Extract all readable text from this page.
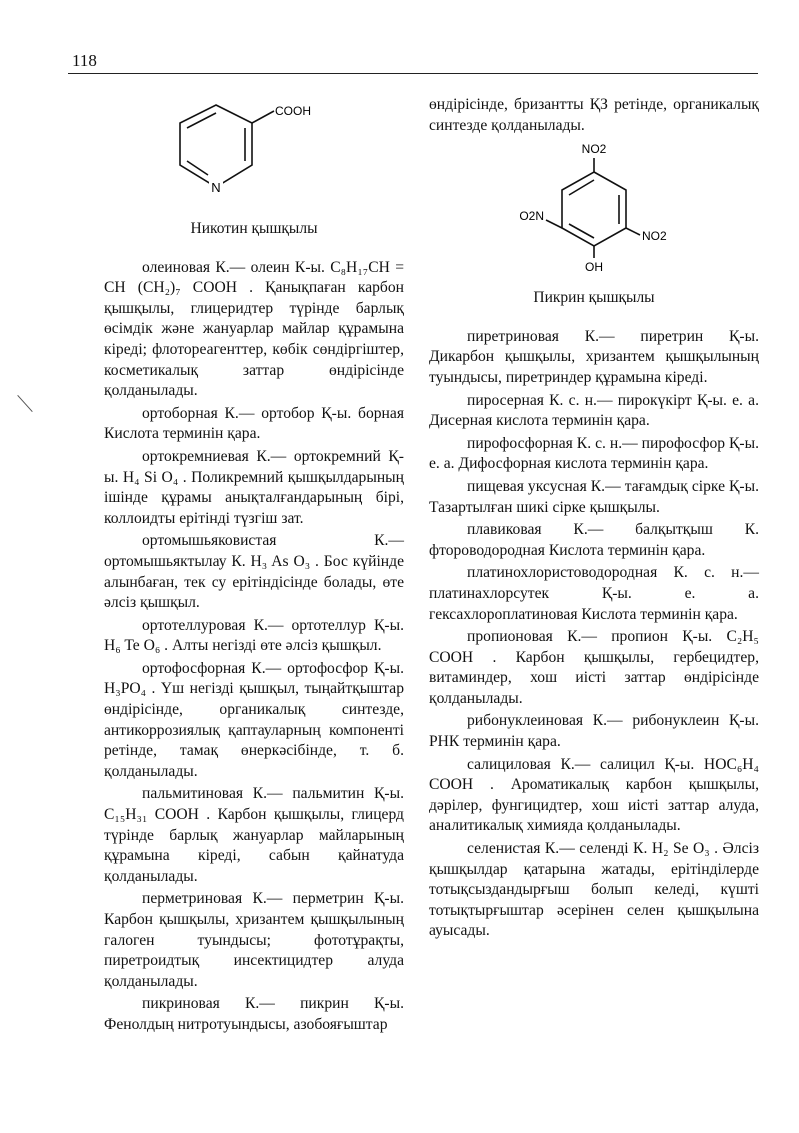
118
N
COOH
Никотин қышқылы

олеиновая К.— олеин К-ы. C₈H₁₇CH = CH (CH₂)₇ COOH . Қанықпаған карбон қышқылы, глицеридтер түрінде барлық өсімдік және жануарлар майлар құрамына кіреді; флотореагенттер, көбік сөндіргіштер, косметикалық заттар өндірісінде қолданылады.

ортоборная К.— ортобор Қ-ы. борная Кислота терминін қара.

ортокремниевая К.— ортокремний Қ-ы. H₄ Si O₄ . Поликремний қышқылдарының ішінде құрамы анықталғандарының бірі, коллоидты ерітінді түзгіш зат.

ортомышьяковистая К.— ортомышьяктылау К. H₃ As O₃ . Бос күйінде алынбаған, тек су ерітіндісінде болады, өте әлсіз қышқыл.

ортотеллуровая К.— ортотеллур Қ-ы. H₆ Te O₆ . Алты негізді өте әлсіз қышқыл.

ортофосфорная К.— ортофосфор Қ-ы. H₃PO₄ . Үш негізді қышқыл, тыңайтқыштар өндірісінде, органикалық синтезде, антикоррозиялық қаптауларның компоненті ретінде, тамақ өнеркәсібінде, т. б. қолданылады.

пальмитиновая К.— пальмитин Қ-ы. C₁₅H₃₁ COOH . Карбон қышқылы, глицерд түрінде барлық жануарлар майларының құрамына кіреді, сабын қайнатуда қолданылады.

перметриновая К.— перметрин Қ-ы. Карбон қышқылы, хризантем қышқылының галоген туындысы; фототұрақты, пиретроидтық инсектицидтер алуда қолданылады.

пикриновая К.— пикрин Қ-ы. Фенолдың нитротуындысы, азобояғыштар

өндірісінде, бризантты ҚЗ ретінде, органикалық синтезде қолданылады.

NO2
O2N
NO2
OH
Пикрин қышқылы

пиретриновая К.— пиретрин Қ-ы. Дикарбон қышқылы, хризантем қышқылының туындысы, пиретриндер құрамына кіреді.

пиросерная К. с. н.— пирокүкірт Қ-ы. е. а. Дисерная кислота терминін қара.

пирофосфорная К. с. н.— пирофосфор Қ-ы. е. а. Дифосфорная кислота терминін қара.

пищевая уксусная К.— тағамдық сірке Қ-ы. Тазартылған шикі сірке қышқылы.

плавиковая К.— балқытқыш К. фтороводородная Кислота терминін қара.

платинохлористоводородная К. с. н.— платинахлорсутек Қ-ы. е. а. гексахлороплатиновая Кислота терминін қара.

пропионовая К.— пропион Қ-ы. C₂H₅ COOH . Карбон қышқылы, гербецидтер, витаминдер, хош иісті заттар өндірісінде қолданылады.

рибонуклеиновая К.— рибонуклеин Қ-ы. РНК терминін қара.

салициловая К.— салицил Қ-ы. HOC₆H₄ COOH . Ароматикалық карбон қышқылы, дәрілер, фунгицидтер, хош иісті заттар алуда, аналитикалық химияда қолданылады.

селенистая К.— селенді К. H₂ Se O₃ . Әлсіз қышқылдар қатарына жатады, ерітінділерде тотықсыздандырғыш болып келеді, күшті тотықтырғыштар әсерінен селен қышқылына ауысады.
